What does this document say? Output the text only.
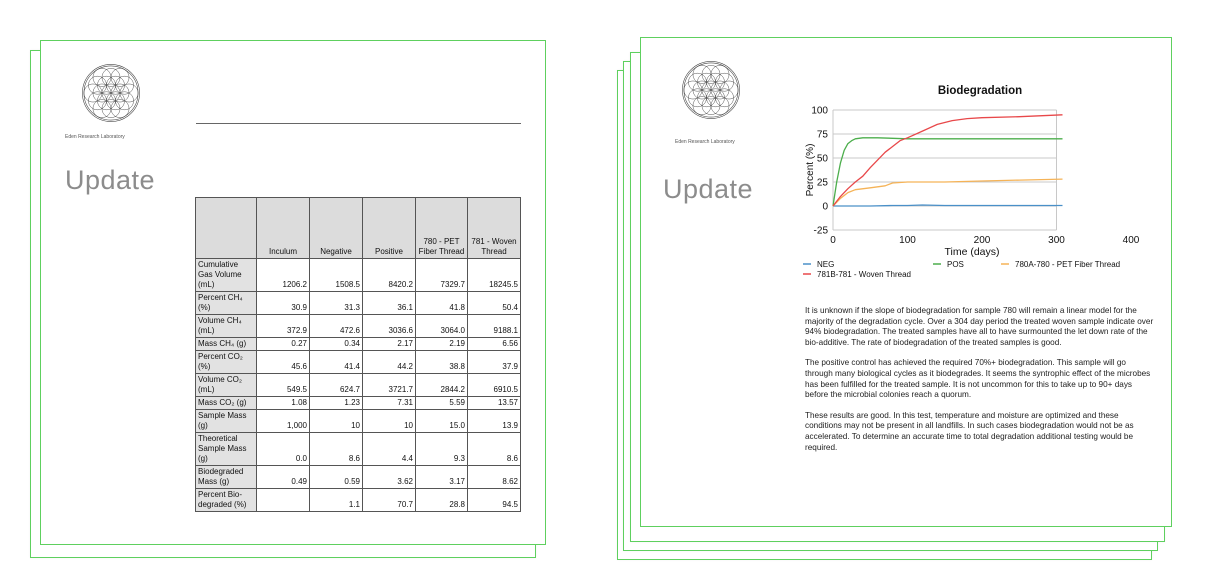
Eden Research Laboratory
Update
	Inculum	Negative	Positive	780 - PET Fiber Thread	781 - Woven Thread
Cumulative Gas Volume (mL)	1206.2	1508.5	8420.2	7329.7	18245.5
Percent CH₄ (%)	30.9	31.3	36.1	41.8	50.4
Volume CH₄ (mL)	372.9	472.6	3036.6	3064.0	9188.1
Mass CH₄ (g)	0.27	0.34	2.17	2.19	6.56
Percent CO₂ (%)	45.6	41.4	44.2	38.8	37.9
Volume CO₂ (mL)	549.5	624.7	3721.7	2844.2	6910.5
Mass CO₂ (g)	1.08	1.23	7.31	5.59	13.57
Sample Mass (g)	1,000	10	10	15.0	13.9
Theoretical Sample Mass (g)	0.0	8.6	4.4	9.3	8.6
Biodegraded Mass (g)	0.49	0.59	3.62	3.17	8.62
Percent Bio-degraded (%)		1.1	70.7	28.8	94.5
Eden Research Laboratory
Update
Biodegradation
-25
0
25
50
75
100
0	100	200	300	400
Time (days)
Percent (%)
NEG	POS	780A-780 - PET Fiber Thread
781B-781 - Woven Thread

It is unknown if the slope of biodegradation for sample 780 will remain a linear model for the majority of the degradation cycle. Over a 304 day period the treated woven sample indicate over 94% biodegradation. The treated samples have all to have surmounted the let down rate of the bio-additive. The rate of biodegradation of the treated samples is good.

The positive control has achieved the required 70%+ biodegradation. This sample will go through many biological cycles as it biodegrades. It seems the syntrophic effect of the microbes has been fulfilled for the treated sample. It is not uncommon for this to take up to 90+ days before the microbial colonies reach a quorum.

These results are good. In this test, temperature and moisture are optimized and these conditions may not be present in all landfills. In such cases biodegradation would not be as accelerated. To determine an accurate time to total degradation additional testing would be required.
